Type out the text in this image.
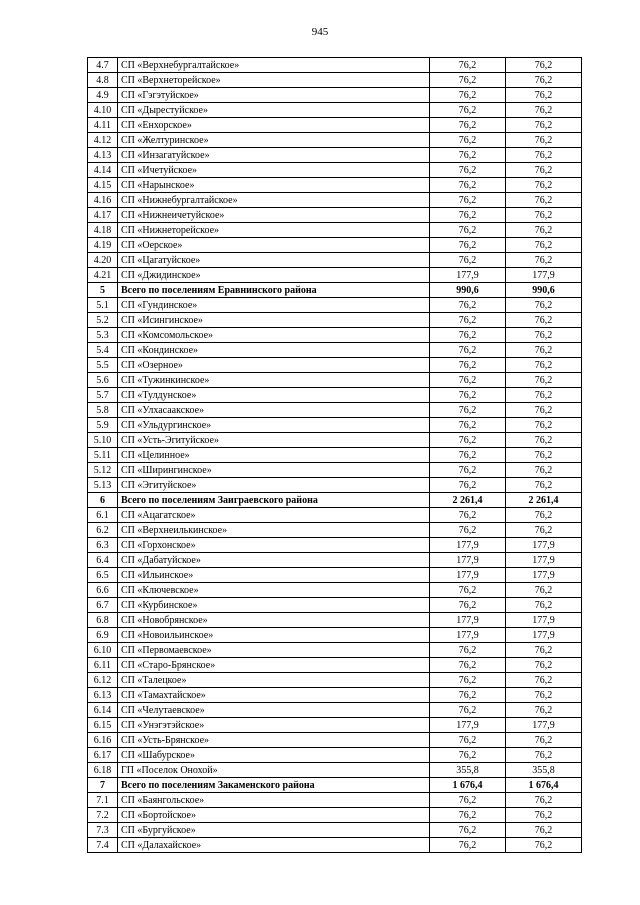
945
4.7	СП «Верхнебургалтайское»	76,2	76,2
4.8	СП «Верхнеторейское»	76,2	76,2
4.9	СП «Гэгэтуйское»	76,2	76,2
4.10	СП «Дырестуйское»	76,2	76,2
4.11	СП «Енхорское»	76,2	76,2
4.12	СП «Желтуринское»	76,2	76,2
4.13	СП «Инзагатуйское»	76,2	76,2
4.14	СП «Ичетуйское»	76,2	76,2
4.15	СП «Нарынское»	76,2	76,2
4.16	СП «Нижнебургалтайское»	76,2	76,2
4.17	СП «Нижнеичетуйское»	76,2	76,2
4.18	СП «Нижнеторейское»	76,2	76,2
4.19	СП «Оерское»	76,2	76,2
4.20	СП «Цагатуйское»	76,2	76,2
4.21	СП «Джидинское»	177,9	177,9
5	Всего по поселениям Еравнинского района	990,6	990,6
5.1	СП «Гундинское»	76,2	76,2
5.2	СП «Исингинское»	76,2	76,2
5.3	СП «Комсомольское»	76,2	76,2
5.4	СП «Кондинское»	76,2	76,2
5.5	СП «Озерное»	76,2	76,2
5.6	СП «Тужинкинское»	76,2	76,2
5.7	СП «Тулдунское»	76,2	76,2
5.8	СП «Улхасаакское»	76,2	76,2
5.9	СП «Ульдургинское»	76,2	76,2
5.10	СП «Усть-Эгитуйское»	76,2	76,2
5.11	СП «Целинное»	76,2	76,2
5.12	СП «Ширингинское»	76,2	76,2
5.13	СП «Эгитуйское»	76,2	76,2
6	Всего по поселениям Заиграевского района	2 261,4	2 261,4
6.1	СП «Ацагатское»	76,2	76,2
6.2	СП «Верхнеилькинское»	76,2	76,2
6.3	СП «Горхонское»	177,9	177,9
6.4	СП «Дабатуйское»	177,9	177,9
6.5	СП «Ильинское»	177,9	177,9
6.6	СП «Ключевское»	76,2	76,2
6.7	СП «Курбинское»	76,2	76,2
6.8	СП «Новобрянское»	177,9	177,9
6.9	СП «Новоильинское»	177,9	177,9
6.10	СП «Первомаевское»	76,2	76,2
6.11	СП «Старо-Брянское»	76,2	76,2
6.12	СП «Талецкое»	76,2	76,2
6.13	СП «Тамахтайское»	76,2	76,2
6.14	СП «Челутаевское»	76,2	76,2
6.15	СП «Унэгэтэйское»	177,9	177,9
6.16	СП «Усть-Брянское»	76,2	76,2
6.17	СП «Шабурское»	76,2	76,2
6.18	ГП «Поселок Онохой»	355,8	355,8
7	Всего по поселениям Закаменского района	1 676,4	1 676,4
7.1	СП «Баянгольское»	76,2	76,2
7.2	СП «Бортойское»	76,2	76,2
7.3	СП «Бургуйское»	76,2	76,2
7.4	СП «Далахайское»	76,2	76,2
